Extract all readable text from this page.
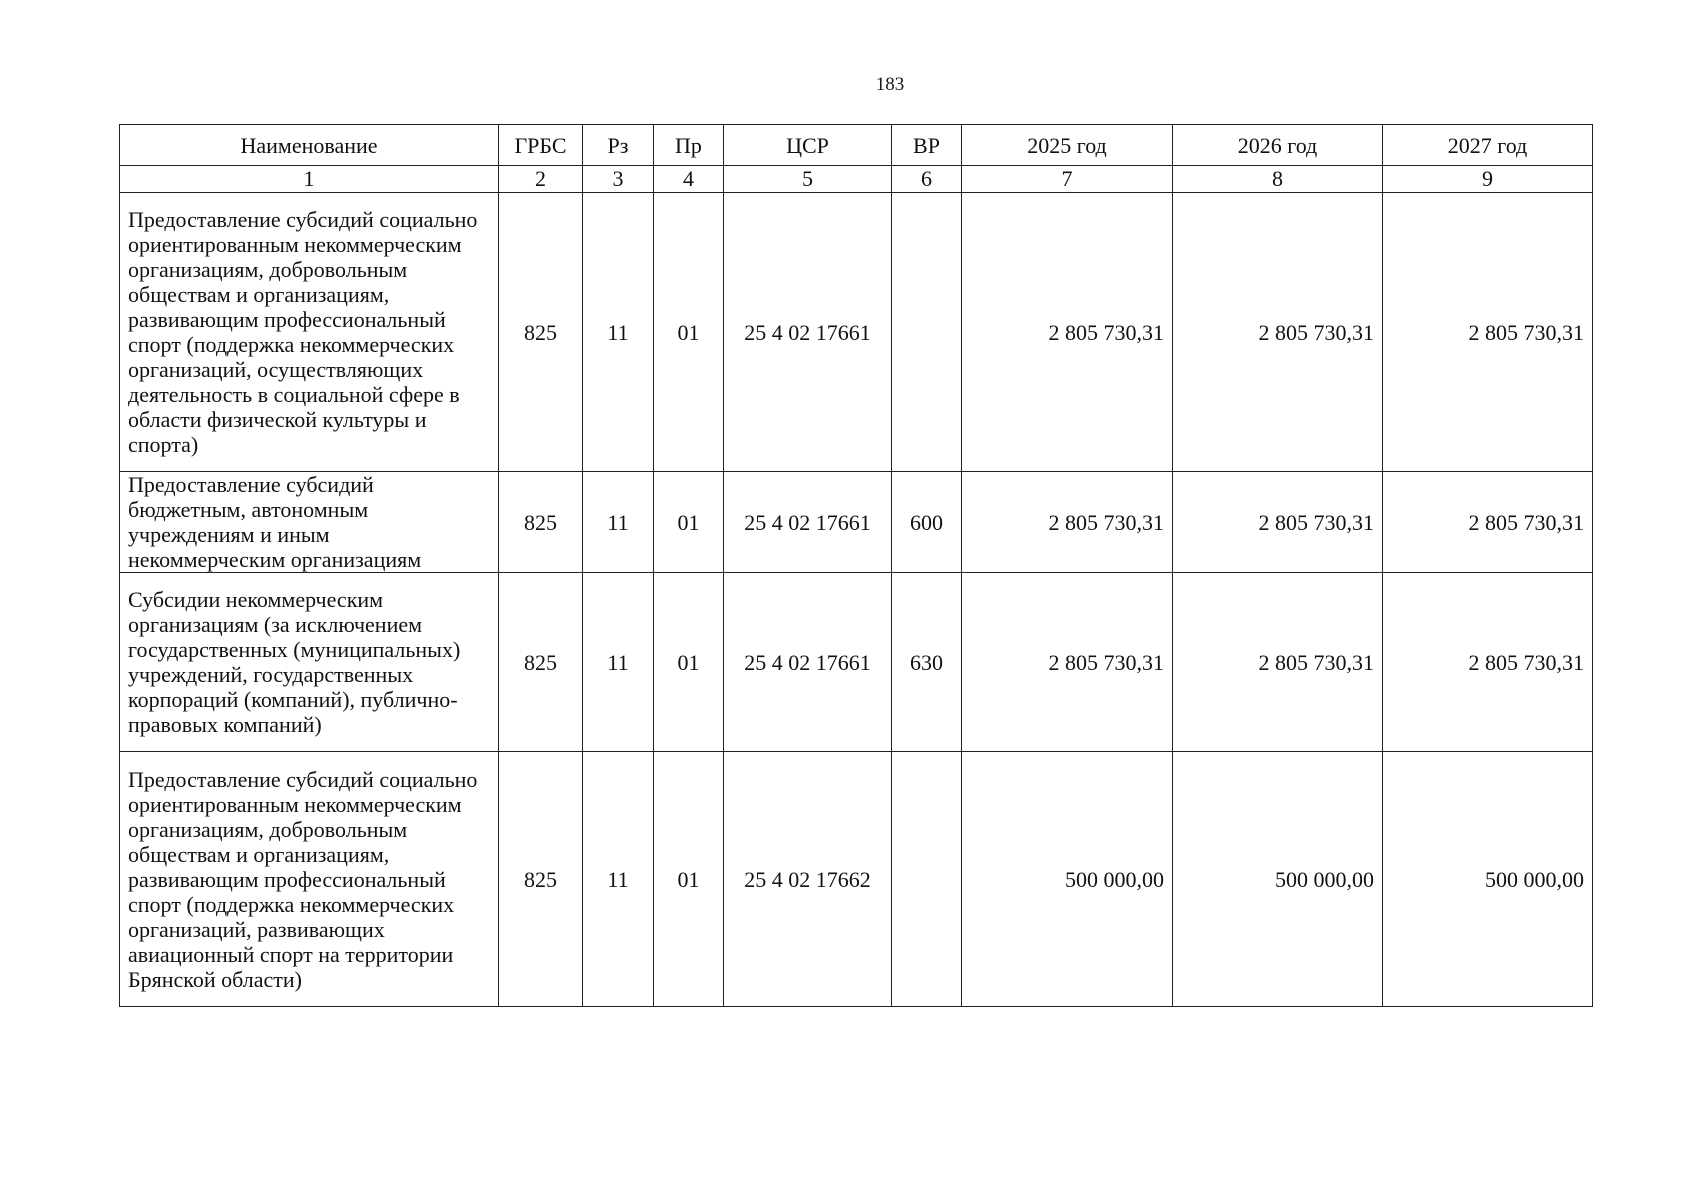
183
Наименование	ГРБС	Рз	Пр	ЦСР	ВР	2025 год	2026 год	2027 год
1	2	3	4	5	6	7	8	9
Предоставление субсидий социально ориентированным некоммерческим организациям, добровольным обществам и организациям, развивающим профессиональный спорт (поддержка некоммерческих организаций, осуществляющих деятельность в социальной сфере в области физической культуры и спорта)	825	11	01	25 4 02 17661		2 805 730,31	2 805 730,31	2 805 730,31
Предоставление субсидий бюджетным, автономным учреждениям и иным некоммерческим организациям	825	11	01	25 4 02 17661	600	2 805 730,31	2 805 730,31	2 805 730,31
Субсидии некоммерческим организациям (за исключением государственных (муниципальных) учреждений, государственных корпораций (компаний), публично-правовых компаний)	825	11	01	25 4 02 17661	630	2 805 730,31	2 805 730,31	2 805 730,31
Предоставление субсидий социально ориентированным некоммерческим организациям, добровольным обществам и организациям, развивающим профессиональный спорт (поддержка некоммерческих организаций, развивающих авиационный спорт на территории Брянской области)	825	11	01	25 4 02 17662		500 000,00	500 000,00	500 000,00
